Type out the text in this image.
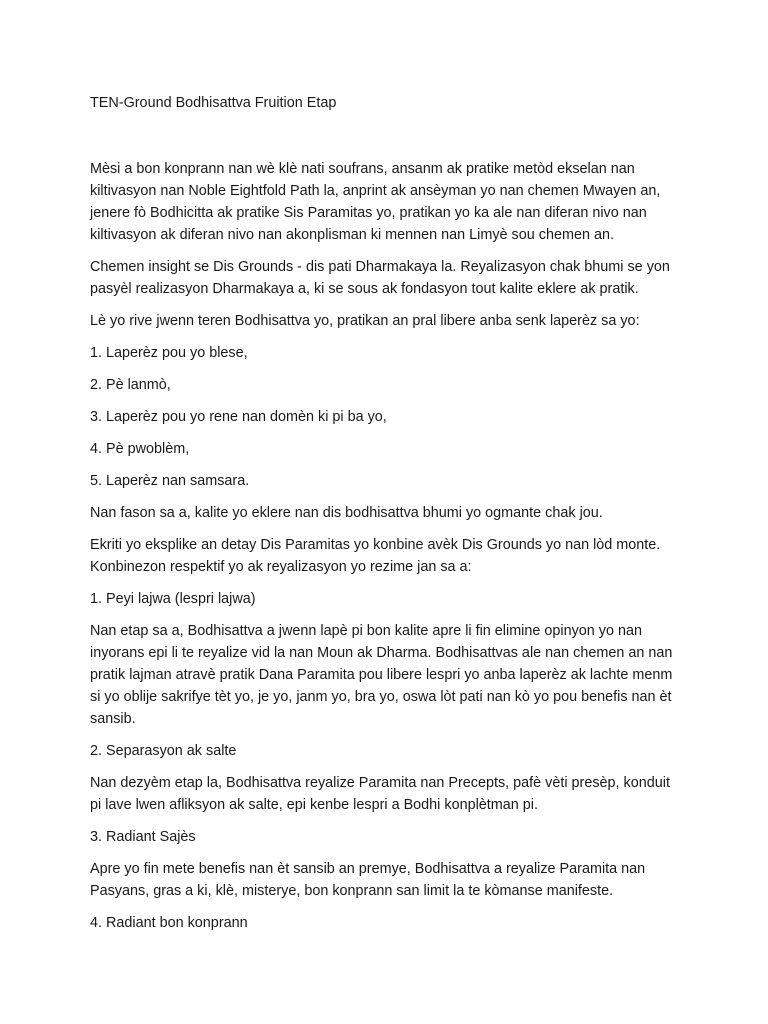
TEN-Ground Bodhisattva Fruition Etap

Mèsi a bon konprann nan wè klè nati soufrans, ansanm ak pratike metòd ekselan nan kiltivasyon nan Noble Eightfold Path la, anprint ak ansèyman yo nan chemen Mwayen an, jenere fò Bodhicitta ak pratike Sis Paramitas yo, pratikan yo ka ale nan diferan nivo nan kiltivasyon ak diferan nivo nan akonplisman ki mennen nan Limyè sou chemen an.

Chemen insight se Dis Grounds - dis pati Dharmakaya la. Reyalizasyon chak bhumi se yon pasyèl realizasyon Dharmakaya a, ki se sous ak fondasyon tout kalite eklere ak pratik.

Lè yo rive jwenn teren Bodhisattva yo, pratikan an pral libere anba senk laperèz sa yo:

1. Laperèz pou yo blese,

2. Pè lanmò,

3. Laperèz pou yo rene nan domèn ki pi ba yo,

4. Pè pwoblèm,

5. Laperèz nan samsara.

Nan fason sa a, kalite yo eklere nan dis bodhisattva bhumi yo ogmante chak jou.

Ekriti yo eksplike an detay Dis Paramitas yo konbine avèk Dis Grounds yo nan lòd monte. Konbinezon respektif yo ak reyalizasyon yo rezime jan sa a:

1. Peyi lajwa (lespri lajwa)

Nan etap sa a, Bodhisattva a jwenn lapè pi bon kalite apre li fin elimine opinyon yo nan inyorans epi li te reyalize vid la nan Moun ak Dharma. Bodhisattvas ale nan chemen an nan pratik lajman atravè pratik Dana Paramita pou libere lespri yo anba laperèz ak lachte menm si yo oblije sakrifye tèt yo, je yo, janm yo, bra yo, oswa lòt pati nan kò yo pou benefis nan èt sansib.

2. Separasyon ak salte

Nan dezyèm etap la, Bodhisattva reyalize Paramita nan Precepts, pafè vèti presèp, konduit pi lave lwen afliksyon ak salte, epi kenbe lespri a Bodhi konplètman pi.

3. Radiant Sajès

Apre yo fin mete benefis nan èt sansib an premye, Bodhisattva a reyalize Paramita nan Pasyans, gras a ki, klè, misterye, bon konprann san limit la te kòmanse manifeste.

4. Radiant bon konprann
